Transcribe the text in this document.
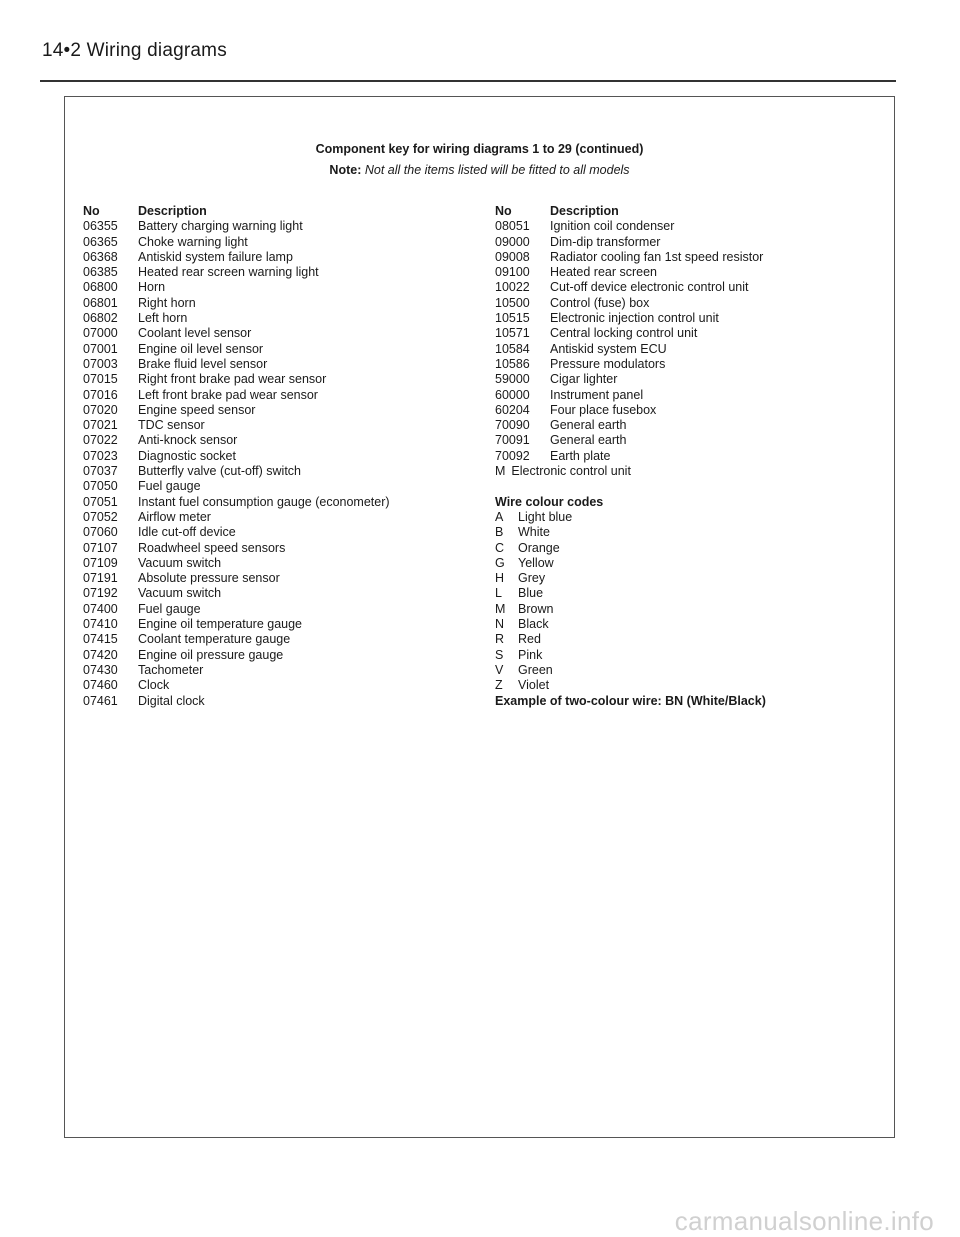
14•2 Wiring diagrams
Component key for wiring diagrams 1 to 29 (continued)
Note: Not all the items listed will be fitted to all models
No	Description
06355	Battery charging warning light
06365	Choke warning light
06368	Antiskid system failure lamp
06385	Heated rear screen warning light
06800	Horn
06801	Right horn
06802	Left horn
07000	Coolant level sensor
07001	Engine oil level sensor
07003	Brake fluid level sensor
07015	Right front brake pad wear sensor
07016	Left front brake pad wear sensor
07020	Engine speed sensor
07021	TDC sensor
07022	Anti-knock sensor
07023	Diagnostic socket
07037	Butterfly valve (cut-off) switch
07050	Fuel gauge
07051	Instant fuel consumption gauge (econometer)
07052	Airflow meter
07060	Idle cut-off device
07107	Roadwheel speed sensors
07109	Vacuum switch
07191	Absolute pressure sensor
07192	Vacuum switch
07400	Fuel gauge
07410	Engine oil temperature gauge
07415	Coolant temperature gauge
07420	Engine oil pressure gauge
07430	Tachometer
07460	Clock
07461	Digital clock
No	Description
08051	Ignition coil condenser
09000	Dim-dip transformer
09008	Radiator cooling fan 1st speed resistor
09100	Heated rear screen
10022	Cut-off device electronic control unit
10500	Control (fuse) box
10515	Electronic injection control unit
10571	Central locking control unit
10584	Antiskid system ECU
10586	Pressure modulators
59000	Cigar lighter
60000	Instrument panel
60204	Four place fusebox
70090	General earth
70091	General earth
70092	Earth plate
M Electronic control unit
Wire colour codes
A	Light blue
B	White
C	Orange
G	Yellow
H	Grey
L	Blue
M	Brown
N	Black
R	Red
S	Pink
V	Green
Z	Violet
Example of two-colour wire: BN (White/Black)
carmanualsonline.info
